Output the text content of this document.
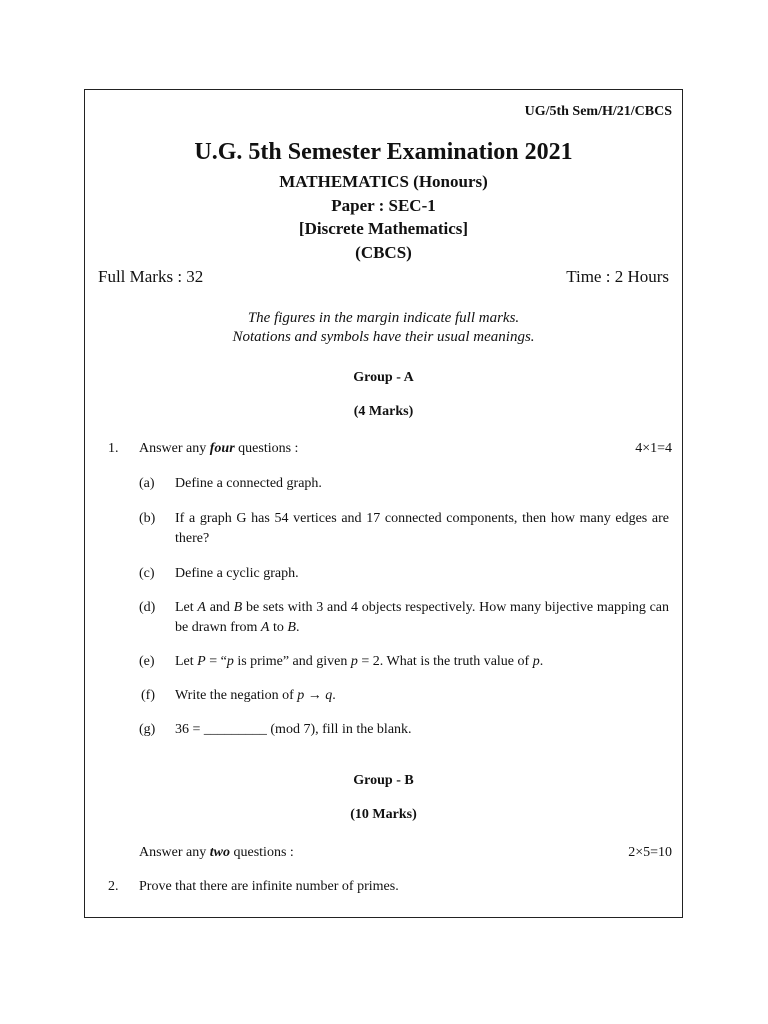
UG/5th Sem/H/21/CBCS
U.G. 5th Semester Examination 2021
MATHEMATICS (Honours)
Paper : SEC-1
[Discrete Mathematics]
(CBCS)
Full Marks : 32	Time : 2 Hours
The figures in the margin indicate full marks.
Notations and symbols have their usual meanings.
Group - A
(4 Marks)
1. Answer any four questions :	4×1=4
(a) Define a connected graph.
(b) If a graph G has 54 vertices and 17 connected components, then how many edges are there?
(c) Define a cyclic graph.
(d) Let A and B be sets with 3 and 4 objects respectively. How many bijective mapping can be drawn from A to B.
(e) Let P = “p is prime” and given p = 2. What is the truth value of p.
(f) Write the negation of p → q.
(g) 36 = _________ (mod 7), fill in the blank.
Group - B
(10 Marks)
Answer any two questions :	2×5=10
2. Prove that there are infinite number of primes.
